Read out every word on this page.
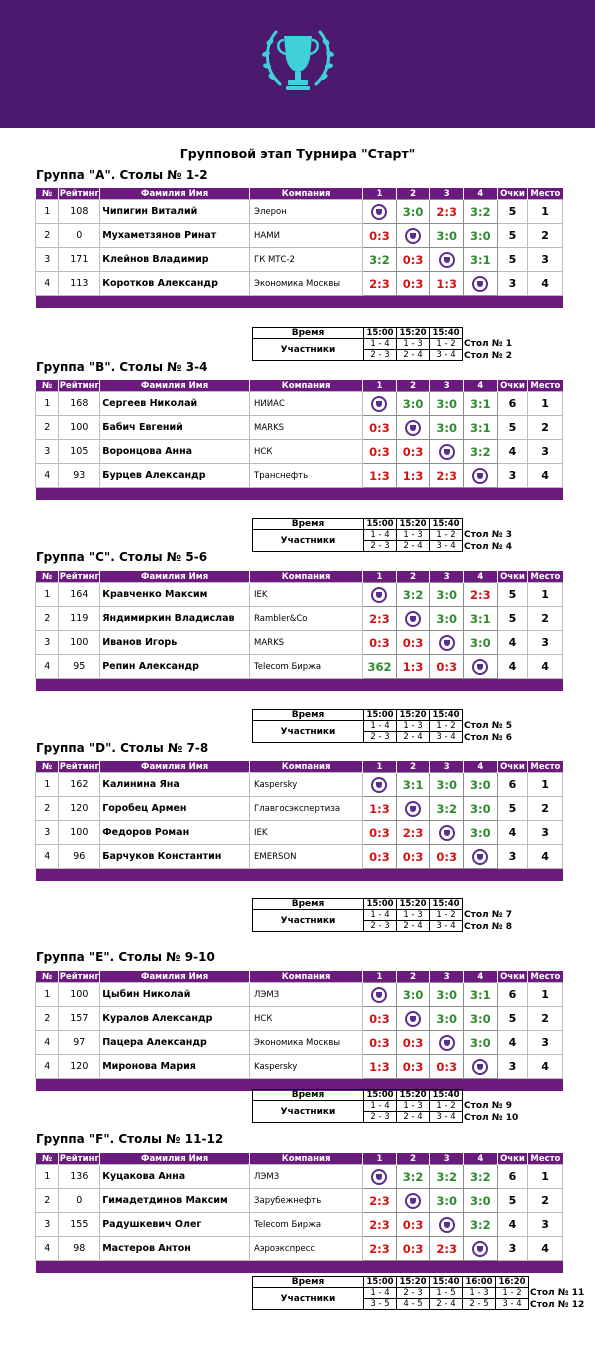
Групповой этап Турнира "Старт"
Группа "A". Столы № 1-2
№	Рейтинг	Фамилия Имя	Компания	1	2	3	4	Очки	Место
1	108	Чипигин Виталий	Элерон		3:0	2:3	3:2	5	1
2	0	Мухаметзянов Ринат	НАМИ	0:3		3:0	3:0	5	2
3	171	Клейнов Владимир	ГК МТС-2	3:2	0:3		3:1	5	3
4	113	Коротков Александр	Экономика Москвы	2:3	0:3	1:3		3	4

Время	15:00	15:20	15:40
Участники	1 - 4	1 - 3	1 - 2
	2 - 3	2 - 4	3 - 4
Стол № 1
Стол № 2
Группа "B". Столы № 3-4
№	Рейтинг	Фамилия Имя	Компания	1	2	3	4	Очки	Место
1	168	Сергеев Николай	НИИАС		3:0	3:0	3:1	6	1
2	100	Бабич Евгений	MARKS	0:3		3:0	3:1	5	2
3	105	Воронцова Анна	НСК	0:3	0:3		3:2	4	3
4	93	Бурцев Александр	Транснефть	1:3	1:3	2:3		3	4

Время	15:00	15:20	15:40
Участники	1 - 4	1 - 3	1 - 2
	2 - 3	2 - 4	3 - 4
Стол № 3
Стол № 4
Группа "C". Столы № 5-6
№	Рейтинг	Фамилия Имя	Компания	1	2	3	4	Очки	Место
1	164	Кравченко Максим	IEK		3:2	3:0	2:3	5	1
2	119	Яндимиркин Владислав	Rambler&Co	2:3		3:0	3:1	5	2
3	100	Иванов Игорь	MARKS	0:3	0:3		3:0	4	3
4	95	Репин Александр	Telecom Биржа	362	1:3	0:3		4	4

Время	15:00	15:20	15:40
Участники	1 - 4	1 - 3	1 - 2
	2 - 3	2 - 4	3 - 4
Стол № 5
Стол № 6
Группа "D". Столы № 7-8
№	Рейтинг	Фамилия Имя	Компания	1	2	3	4	Очки	Место
1	162	Калинина Яна	Kaspersky		3:1	3:0	3:0	6	1
2	120	Горобец Армен	Главгосэкспертиза	1:3		3:2	3:0	5	2
3	100	Федоров Роман	IEK	0:3	2:3		3:0	4	3
4	96	Барчуков Константин	EMERSON	0:3	0:3	0:3		3	4

Время	15:00	15:20	15:40
Участники	1 - 4	1 - 3	1 - 2
	2 - 3	2 - 4	3 - 4
Стол № 7
Стол № 8
Группа "E". Столы № 9-10
№	Рейтинг	Фамилия Имя	Компания	1	2	3	4	Очки	Место
1	100	Цыбин Николай	ЛЭМЗ		3:0	3:0	3:1	6	1
2	157	Куралов Александр	НСК	0:3		3:0	3:0	5	2
4	97	Пацера Александр	Экономика Москвы	0:3	0:3		3:0	4	3
4	120	Миронова Мария	Kaspersky	1:3	0:3	0:3		3	4

Время	15:00	15:20	15:40
Участники	1 - 4	1 - 3	1 - 2
	2 - 3	2 - 4	3 - 4
Стол № 9
Стол № 10
Группа "F". Столы № 11-12
№	Рейтинг	Фамилия Имя	Компания	1	2	3	4	Очки	Место
1	136	Куцакова Анна	ЛЭМЗ		3:2	3:2	3:2	6	1
2	0	Гимадетдинов Максим	Зарубежнефть	2:3		3:0	3:0	5	2
3	155	Радушкевич Олег	Telecom Биржа	2:3	0:3		3:2	4	3
4	98	Мастеров Антон	Аэроэкспресс	2:3	0:3	2:3		3	4

Время	15:00	15:20	15:40	16:00	16:20
Участники	1 - 4	2 - 3	1 - 5	1 - 3	1 - 2
	3 - 5	4 - 5	2 - 4	2 - 5	3 - 4
Стол № 11
Стол № 12
